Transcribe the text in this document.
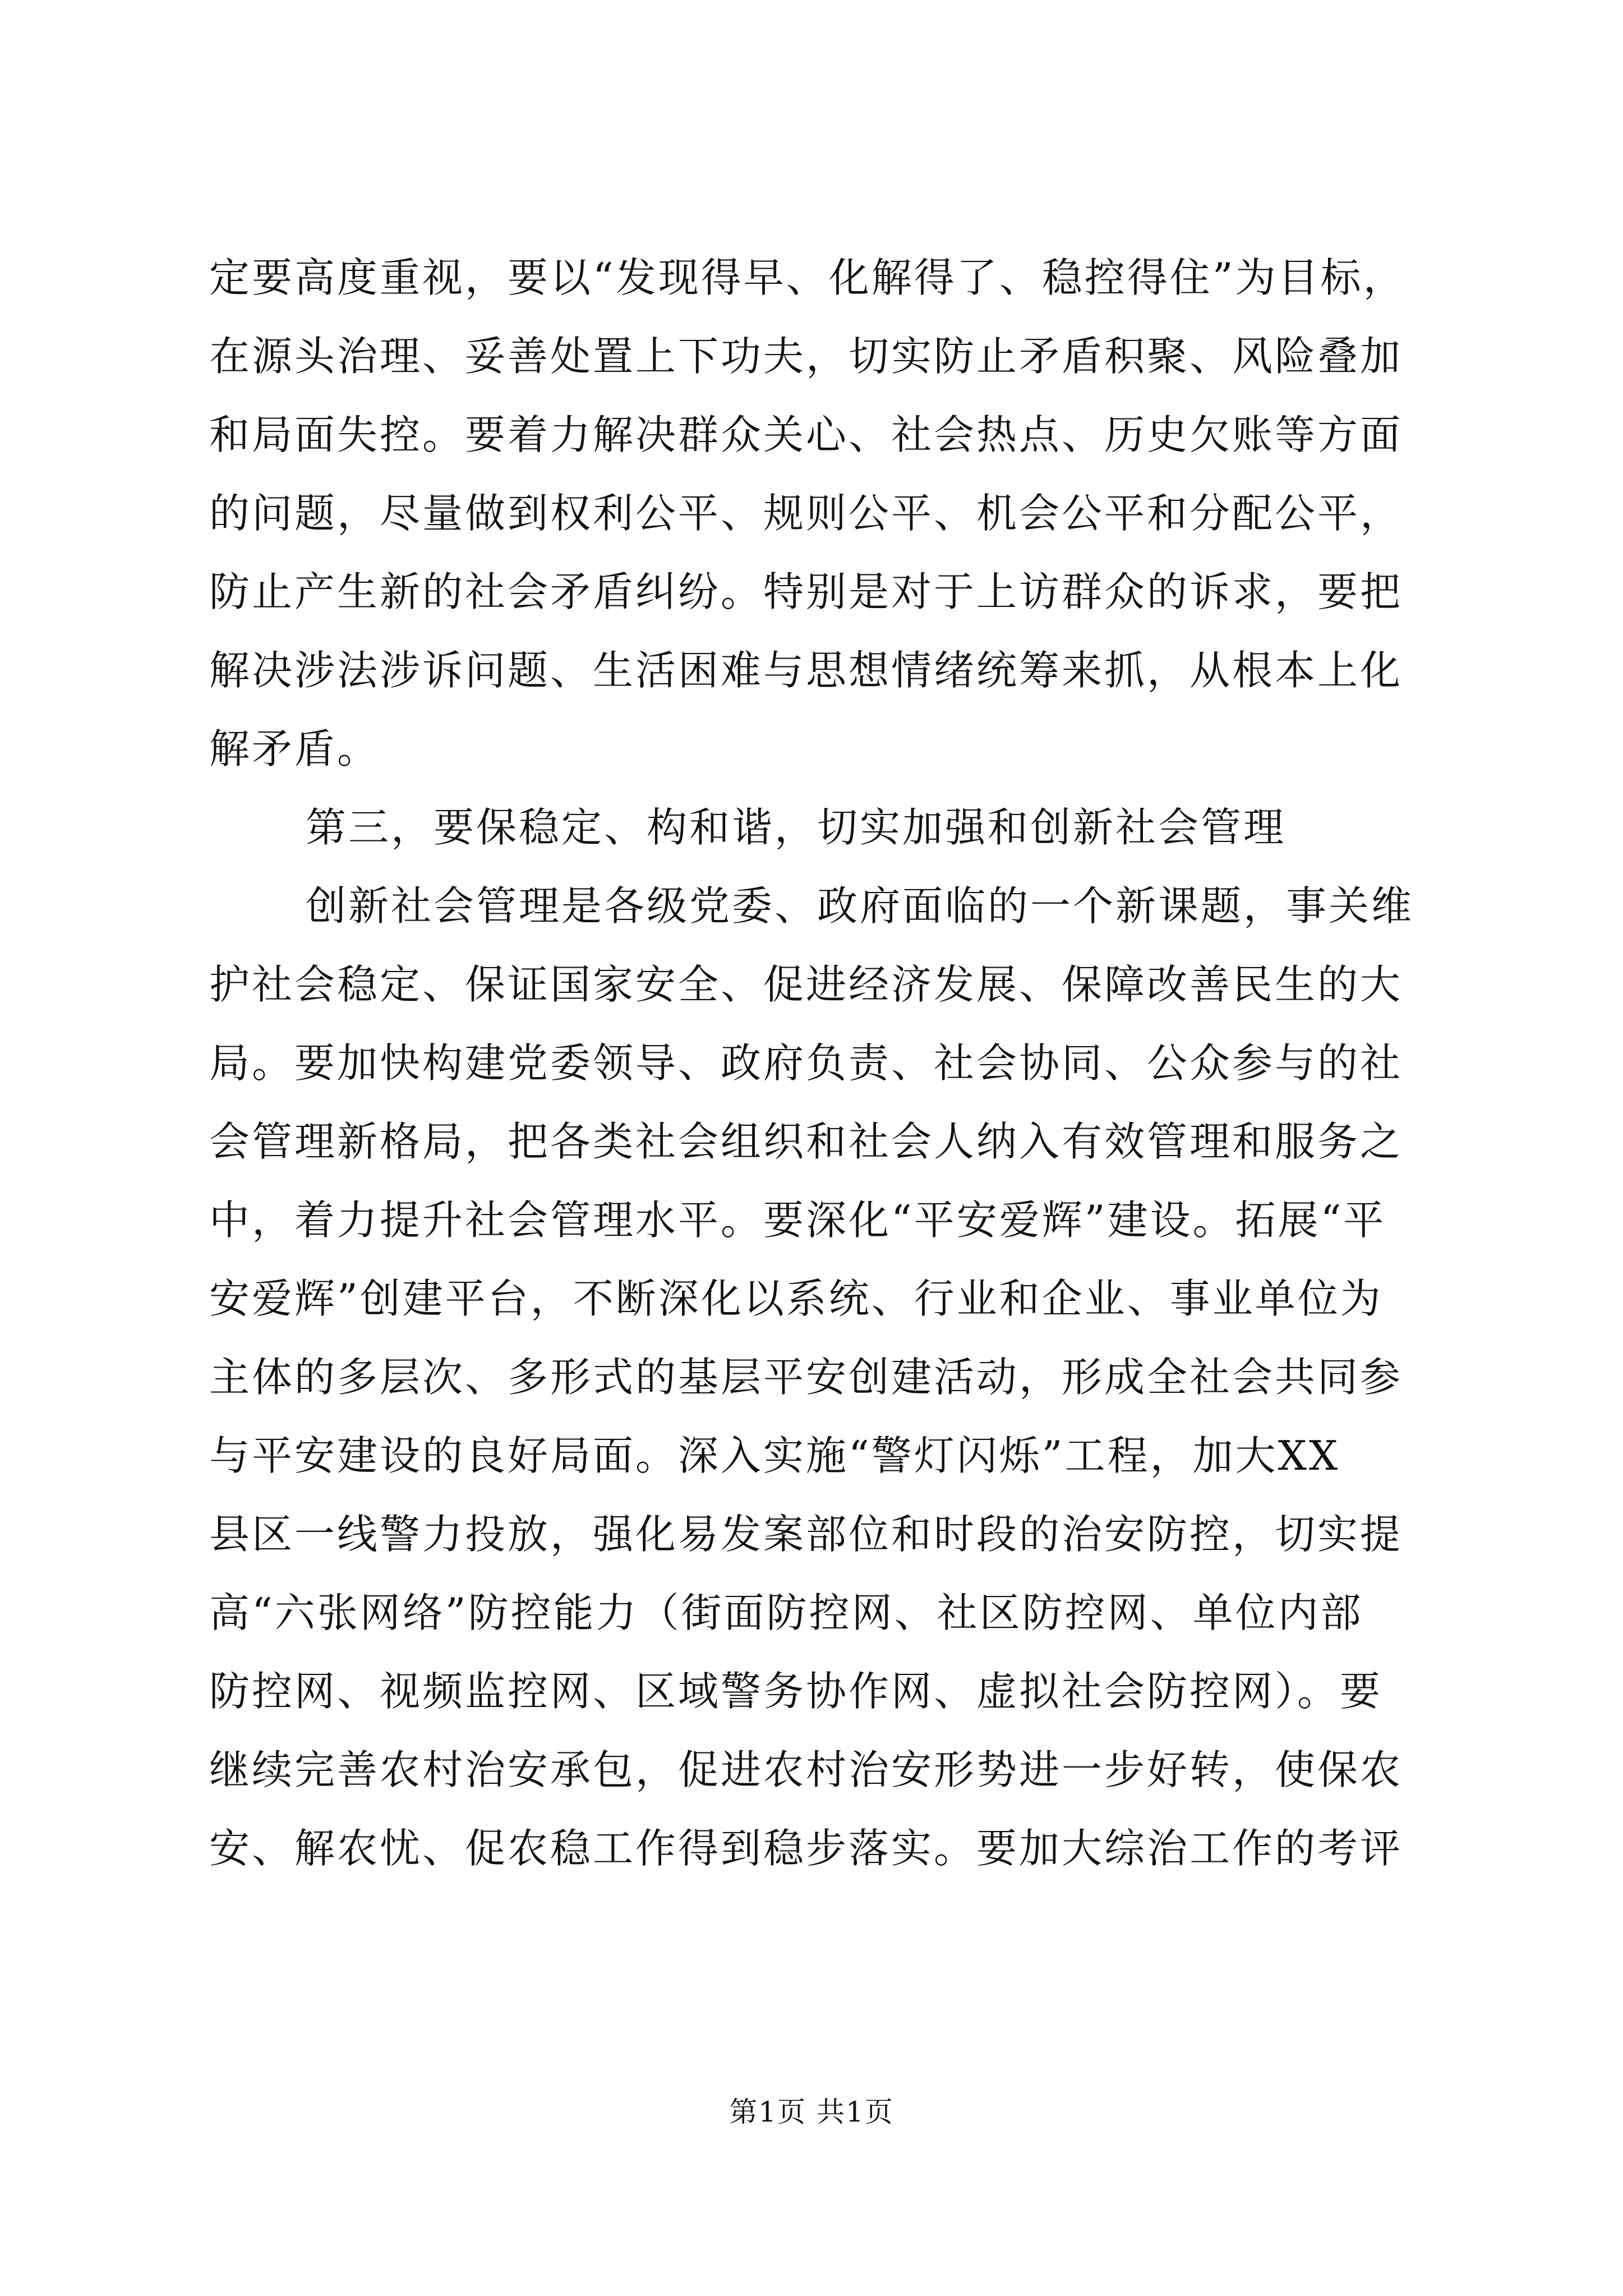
定要高度重视，要以“发现得早、化解得了、稳控得住”为目标，
在源头治理、妥善处置上下功夫，切实防止矛盾积聚、风险叠加
和局面失控。要着力解决群众关心、社会热点、历史欠账等方面
的问题，尽量做到权利公平、规则公平、机会公平和分配公平，
防止产生新的社会矛盾纠纷。特别是对于上访群众的诉求，要把
解决涉法涉诉问题、生活困难与思想情绪统筹来抓，从根本上化
解矛盾。
第三，要保稳定、构和谐，切实加强和创新社会管理
创新社会管理是各级党委、政府面临的一个新课题，事关维
护社会稳定、保证国家安全、促进经济发展、保障改善民生的大
局。要加快构建党委领导、政府负责、社会协同、公众参与的社
会管理新格局，把各类社会组织和社会人纳入有效管理和服务之
中，着力提升社会管理水平。要深化“平安爱辉”建设。拓展“平
安爱辉”创建平台，不断深化以系统、行业和企业、事业单位为
主体的多层次、多形式的基层平安创建活动，形成全社会共同参
与平安建设的良好局面。深入实施“警灯闪烁”工程，加大XX
县区一线警力投放，强化易发案部位和时段的治安防控，切实提
高“六张网络”防控能力（街面防控网、社区防控网、单位内部
防控网、视频监控网、区域警务协作网、虚拟社会防控网）。要
继续完善农村治安承包，促进农村治安形势进一步好转，使保农
安、解农忧、促农稳工作得到稳步落实。要加大综治工作的考评
第1页 共1页
